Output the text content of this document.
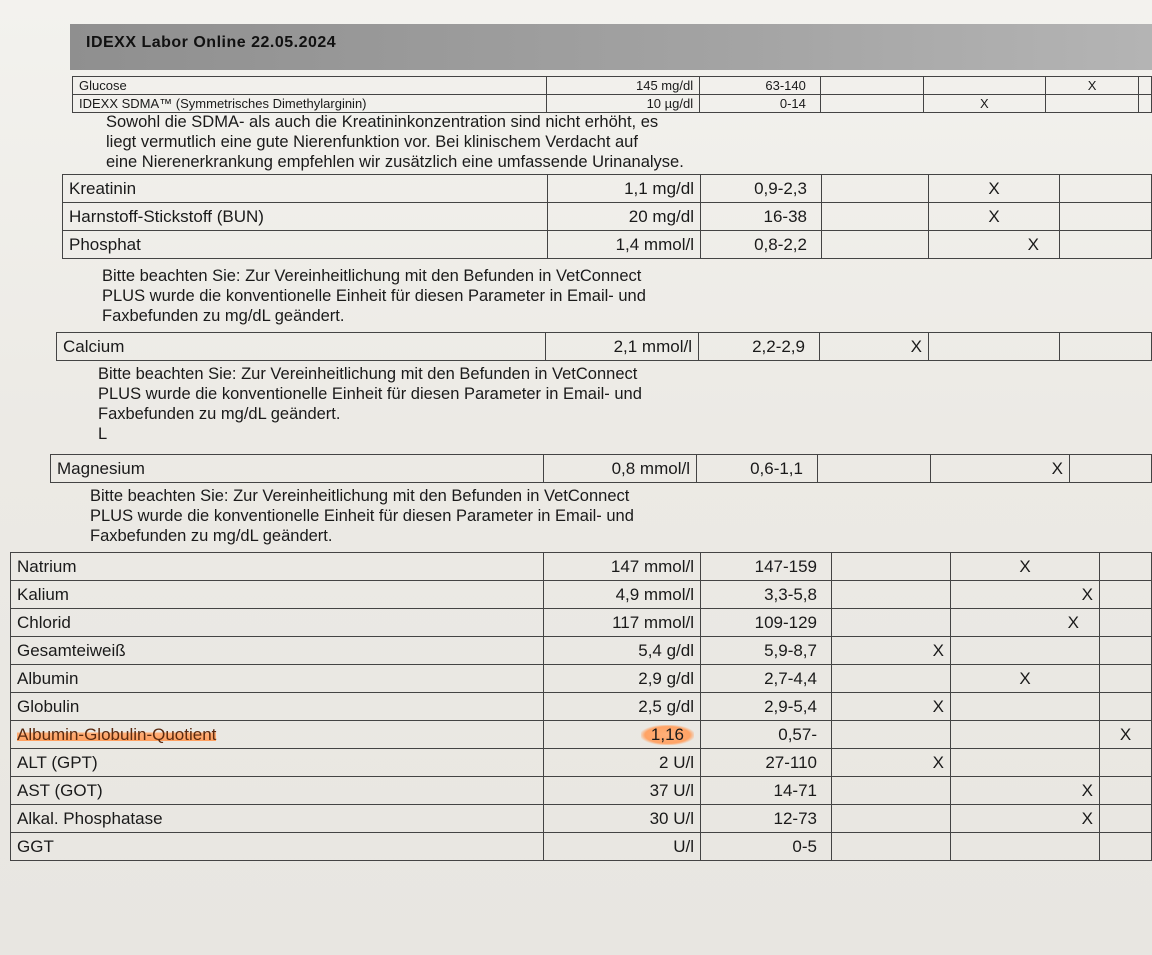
IDEXX Labor Online 22.05.2024
Glucose	145 mg/dl	63-140			X	
IDEXX SDMA™ (Symmetrisches Dimethylarginin)	10 µg/dl	0-14		X		
Sowohl die SDMA- als auch die Kreatininkonzentration sind nicht erhöht, es
liegt vermutlich eine gute Nierenfunktion vor. Bei klinischem Verdacht auf
eine Nierenerkrankung empfehlen wir zusätzlich eine umfassende Urinanalyse.
Kreatinin	1,1 mg/dl	0,9-2,3		X	
Harnstoff-Stickstoff (BUN)	20 mg/dl	16-38		X	
Phosphat	1,4 mmol/l	0,8-2,2		X	
Bitte beachten Sie: Zur Vereinheitlichung mit den Befunden in VetConnect
PLUS wurde die konventionelle Einheit für diesen Parameter in Email- und
Faxbefunden zu mg/dL geändert.
Calcium	2,1 mmol/l	2,2-2,9	X		
Bitte beachten Sie: Zur Vereinheitlichung mit den Befunden in VetConnect
PLUS wurde die konventionelle Einheit für diesen Parameter in Email- und
Faxbefunden zu mg/dL geändert.
L
Magnesium	0,8 mmol/l	0,6-1,1		X	
Bitte beachten Sie: Zur Vereinheitlichung mit den Befunden in VetConnect
PLUS wurde die konventionelle Einheit für diesen Parameter in Email- und
Faxbefunden zu mg/dL geändert.
Natrium	147 mmol/l	147-159		X	
Kalium	4,9 mmol/l	3,3-5,8		X	
Chlorid	117 mmol/l	109-129		X	
Gesamteiweiß	5,4 g/dl	5,9-8,7	X		
Albumin	2,9 g/dl	2,7-4,4		X	
Globulin	2,5 g/dl	2,9-5,4	X		
Albumin-Globulin-Quotient	1,16	0,57-			X
ALT (GPT)	2 U/l	27-110	X		
AST (GOT)	37 U/l	14-71		X	
Alkal. Phosphatase	30 U/l	12-73		X	
GGT	U/l	0-5			
